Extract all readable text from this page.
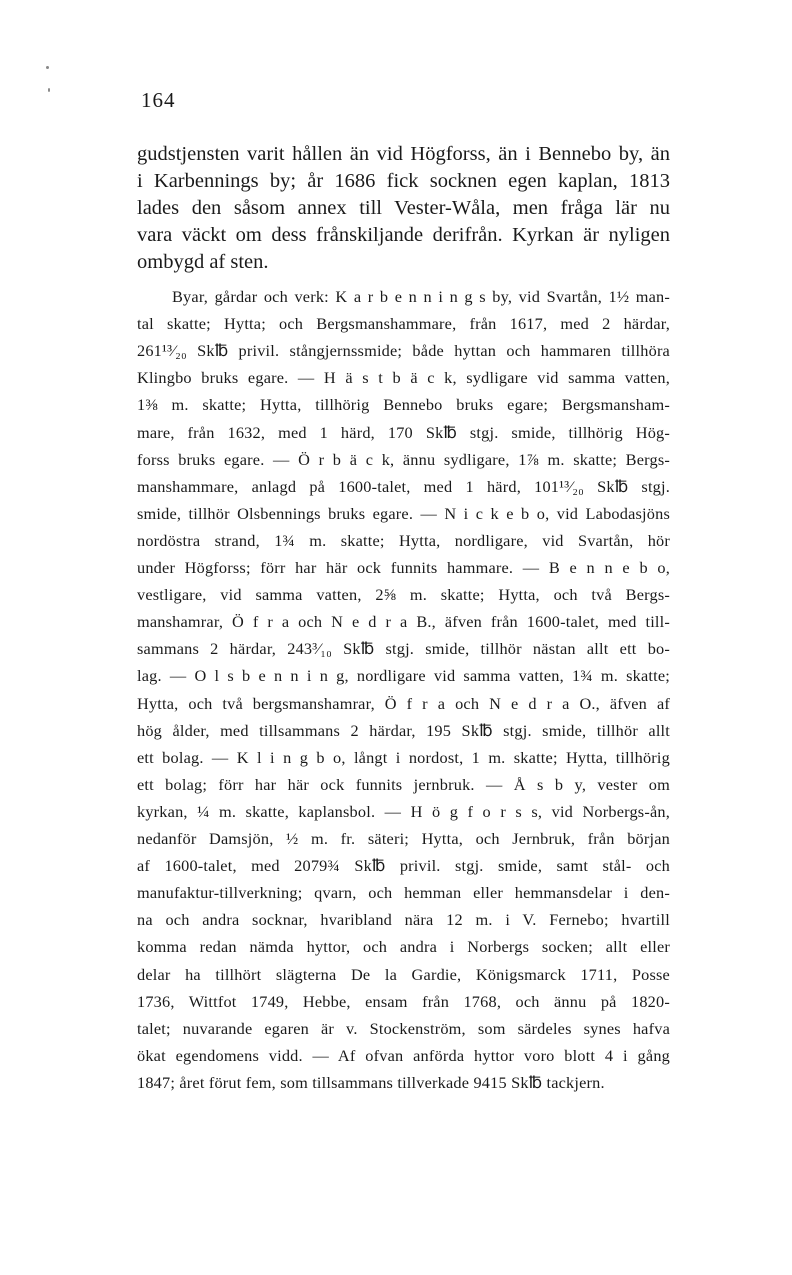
164
gudstjensten varit hållen än vid Högforss, än i Bennebo by, än
i Karbennings by; år 1686 fick socknen egen kaplan, 1813
lades den såsom annex till Vester-Wåla, men fråga lär nu
vara väckt om dess frånskiljande derifrån. Kyrkan är nyligen
ombygd af sten.
Byar, gårdar och verk: K a r b e n n i n g s by, vid Svartån, 1½ man-
tal skatte; Hytta; och Bergsmanshammare, från 1617, med 2 härdar,
261¹³⁄₂₀ Sk℔ privil. stångjernssmide; både hyttan och hammaren tillhöra
Klingbo bruks egare. — H ä s t b ä c k, sydligare vid samma vatten,
1⅜ m. skatte; Hytta, tillhörig Bennebo bruks egare; Bergsmansham-
mare, från 1632, med 1 härd, 170 Sk℔ stgj. smide, tillhörig Hög-
forss bruks egare. — Ö r b ä c k, ännu sydligare, 1⅞ m. skatte; Bergs-
manshammare, anlagd på 1600-talet, med 1 härd, 101¹³⁄₂₀ Sk℔ stgj.
smide, tillhör Olsbennings bruks egare. — N i c k e b o, vid Labodasjöns
nordöstra strand, 1¾ m. skatte; Hytta, nordligare, vid Svartån, hör
under Högforss; förr har här ock funnits hammare. — B e n n e b o,
vestligare, vid samma vatten, 2⅝ m. skatte; Hytta, och två Bergs-
manshamrar, Ö f r a och N e d r a B., äfven från 1600-talet, med till-
sammans 2 härdar, 243³⁄₁₀ Sk℔ stgj. smide, tillhör nästan allt ett bo-
lag. — O l s b e n n i n g, nordligare vid samma vatten, 1¾ m. skatte;
Hytta, och två bergsmanshamrar, Ö f r a och N e d r a O., äfven af
hög ålder, med tillsammans 2 härdar, 195 Sk℔ stgj. smide, tillhör allt
ett bolag. — K l i n g b o, långt i nordost, 1 m. skatte; Hytta, tillhörig
ett bolag; förr har här ock funnits jernbruk. — Å s b y, vester om
kyrkan, ¼ m. skatte, kaplansbol. — H ö g f o r s s, vid Norbergs-ån,
nedanför Damsjön, ½ m. fr. säteri; Hytta, och Jernbruk, från början
af 1600-talet, med 2079¾ Sk℔ privil. stgj. smide, samt stål- och
manufaktur-tillverkning; qvarn, och hemman eller hemmansdelar i den-
na och andra socknar, hvaribland nära 12 m. i V. Fernebo; hvartill
komma redan nämda hyttor, och andra i Norbergs socken; allt eller
delar ha tillhört slägterna De la Gardie, Königsmarck 1711, Posse
1736, Wittfot 1749, Hebbe, ensam från 1768, och ännu på 1820-
talet; nuvarande egaren är v. Stockenström, som särdeles synes hafva
ökat egendomens vidd. — Af ofvan anförda hyttor voro blott 4 i gång
1847; året förut fem, som tillsammans tillverkade 9415 Sk℔ tackjern.
